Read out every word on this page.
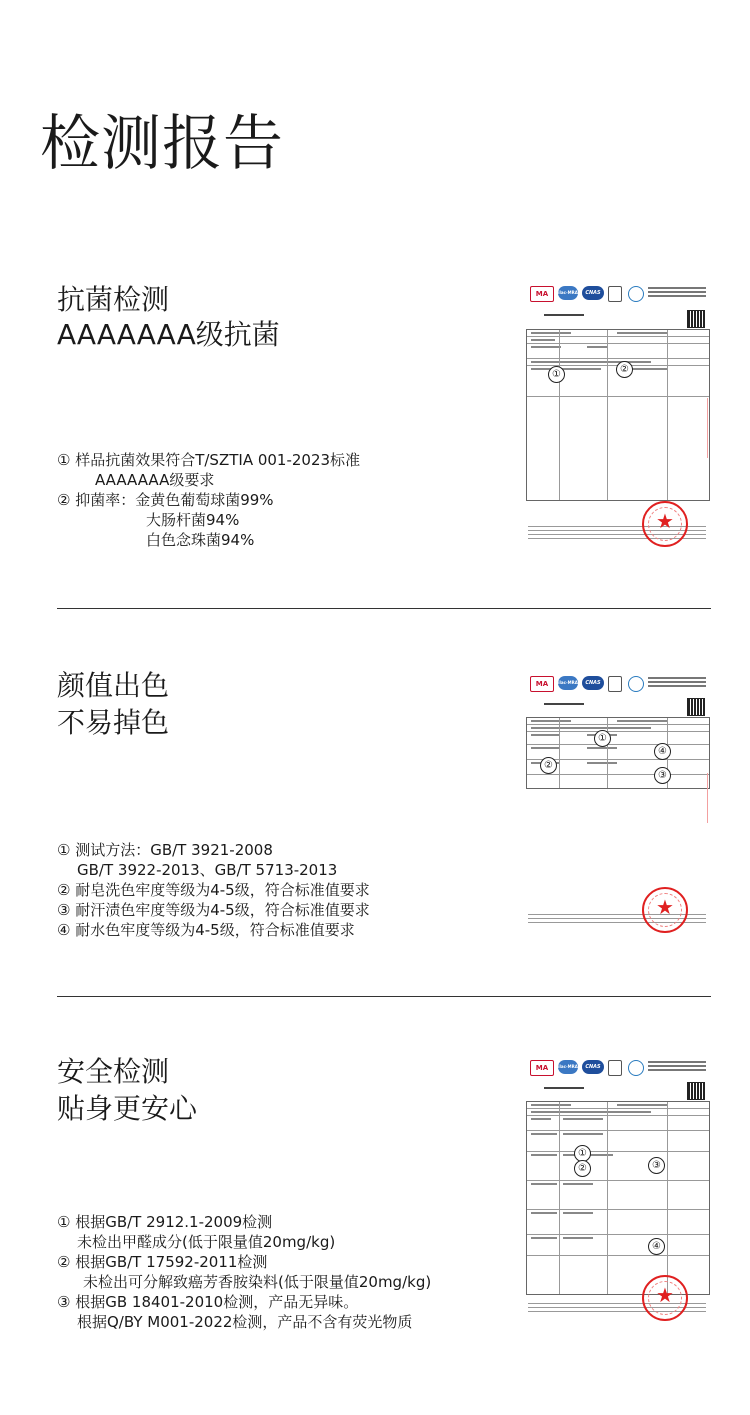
检测报告
抗菌检测
AAAAAAA级抗菌
① 样品抗菌效果符合T/SZTIA 001-2023标准
AAAAAAA级要求
② 抑菌率：金黄色葡萄球菌99%
大肠杆菌94%
白色念珠菌94%
MA	ilac-MRA	CNAS
①	②
★
颜值出色
不易掉色
① 测试方法：GB/T 3921-2008
GB/T 3922-2013、GB/T 5713-2013
② 耐皂洗色牢度等级为4-5级，符合标准值要求
③ 耐汗渍色牢度等级为4-5级，符合标准值要求
④ 耐水色牢度等级为4-5级，符合标准值要求
MA	ilac-MRA	CNAS
①
④
②
③
★
安全检测
贴身更安心
① 根据GB/T 2912.1-2009检测
未检出甲醛成分(低于限量值20mg/kg)
② 根据GB/T 17592-2011检测
未检出可分解致癌芳香胺染料(低于限量值20mg/kg)
③ 根据GB 18401-2010检测，产品无异味。
根据Q/BY M001-2022检测，产品不含有荧光物质
MA	ilac-MRA	CNAS
①
②	③
④
★
